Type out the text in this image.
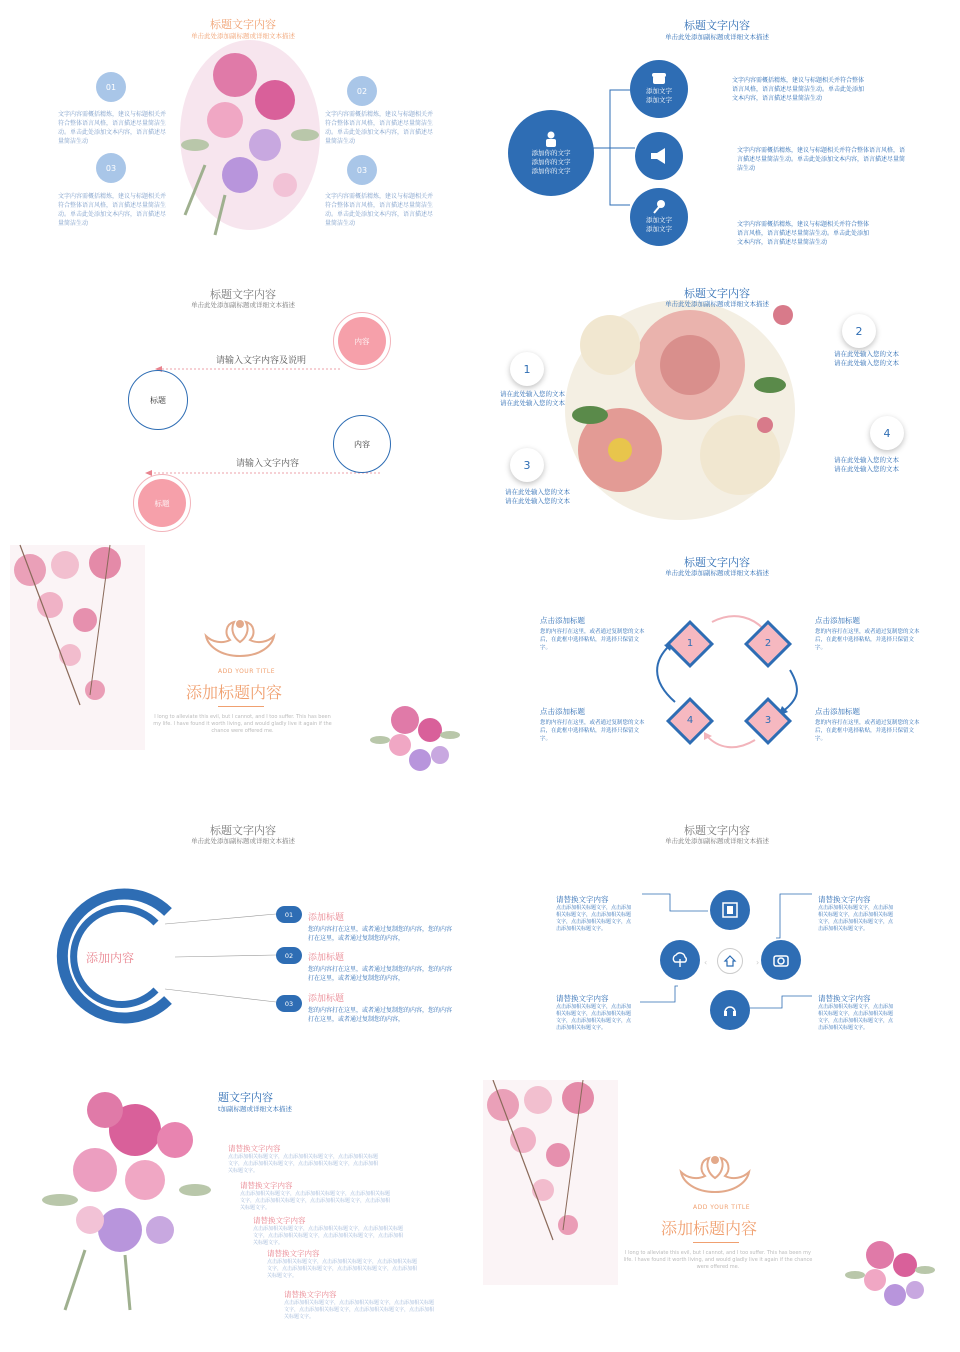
标题文字内容
单击此处添加副标题或详细文本描述
01	02
03	03
文字内容需概括精炼，建议与标题相关并符合整体语言风格，语言描述尽量简洁生动。单击此处添加文本内容，语言描述尽量简洁生动
文字内容需概括精炼，建议与标题相关并符合整体语言风格，语言描述尽量简洁生动。单击此处添加文本内容，语言描述尽量简洁生动
文字内容需概括精炼，建议与标题相关并符合整体语言风格，语言描述尽量简洁生动。单击此处添加文本内容，语言描述尽量简洁生动
文字内容需概括精炼，建议与标题相关并符合整体语言风格，语言描述尽量简洁生动。单击此处添加文本内容，语言描述尽量简洁生动
标题文字内容
单击此处添加副标题或详细文本描述
添加你的文字
添加你的文字
添加你的文字
添加文字
添加文字
添加文字
添加文字
文字内容需概括精炼，建议与标题相关并符合整体语言风格，语言描述尽量简洁生动。单击此处添加文本内容，语言描述尽量简洁生动
文字内容需概括精炼，建议与标题相关并符合整体语言风格，语言描述尽量简洁生动。单击此处添加文本内容，语言描述尽量简洁生动
文字内容需概括精炼，建议与标题相关并符合整体语言风格，语言描述尽量简洁生动。单击此处添加文本内容，语言描述尽量简洁生动
标题文字内容
单击此处添加副标题或详细文本描述
内容
请输入文字内容及说明
标题
内容
请输入文字内容
标题
标题文字内容
单击此处添加副标题或详细文本描述
1
2
3
4
请在此处输入您的文本
请在此处输入您的文本
请在此处输入您的文本
请在此处输入您的文本
请在此处输入您的文本
请在此处输入您的文本
请在此处输入您的文本
请在此处输入您的文本
ADD YOUR TITLE
添加标题内容
I long to alleviate this evil, but I cannot, and I too suffer. This has been my life. I have found it worth living, and would gladly live it again if the chance were offered me.
标题文字内容
单击此处添加副标题或详细文本描述
1	2
3
4
点击添加标题
您的内容打在这里，或者通过复制您的文本后，在此框中选择粘贴，并选择只保留文字。
点击添加标题
您的内容打在这里，或者通过复制您的文本后，在此框中选择粘贴，并选择只保留文字。
点击添加标题
您的内容打在这里，或者通过复制您的文本后，在此框中选择粘贴，并选择只保留文字。
点击添加标题
您的内容打在这里，或者通过复制您的文本后，在此框中选择粘贴，并选择只保留文字。
标题文字内容
单击此处添加副标题或详细文本描述
添加内容
01
02
03
添加标题
您的内容打在这里，或者通过复制您的内容，您的内容打在这里，或者通过复制您的内容，
添加标题
您的内容打在这里，或者通过复制您的内容，您的内容打在这里，或者通过复制您的内容，
添加标题
您的内容打在这里，或者通过复制您的内容，您的内容打在这里，或者通过复制您的内容，
标题文字内容
单击此处添加副标题或详细文本描述
‹	›
请替换文字内容
点击添加相关标题文字，点击添加相关标题文字，点击添加相关标题文字，点击添加相关标题文字，点击添加相关标题文字。
请替换文字内容
点击添加相关标题文字，点击添加相关标题文字，点击添加相关标题文字，点击添加相关标题文字，点击添加相关标题文字。
请替换文字内容
点击添加相关标题文字，点击添加相关标题文字，点击添加相关标题文字，点击添加相关标题文字，点击添加相关标题文字。
请替换文字内容
点击添加相关标题文字，点击添加相关标题文字，点击添加相关标题文字，点击添加相关标题文字，点击添加相关标题文字。
题文字内容
t加副标题或详细文本描述
请替换文字内容
点击添加相关标题文字，点击添加相关标题文字，点击添加相关标题文字，点击添加相关标题文字，点击添加相关标题文字，点击添加相关标题文字。
请替换文字内容
点击添加相关标题文字，点击添加相关标题文字，点击添加相关标题文字，点击添加相关标题文字，点击添加相关标题文字，点击添加相关标题文字。
请替换文字内容
点击添加相关标题文字，点击添加相关标题文字，点击添加相关标题文字，点击添加相关标题文字，点击添加相关标题文字，点击添加相关标题文字。
请替换文字内容
点击添加相关标题文字，点击添加相关标题文字，点击添加相关标题文字，点击添加相关标题文字，点击添加相关标题文字，点击添加相关标题文字。
请替换文字内容
点击添加相关标题文字，点击添加相关标题文字，点击添加相关标题文字，点击添加相关标题文字，点击添加相关标题文字，点击添加相关标题文字。
ADD YOUR TITLE
添加标题内容
I long to alleviate this evil, but I cannot, and I too suffer. This has been my life. I have found it worth living, and would gladly live it again if the chance were offered me.
